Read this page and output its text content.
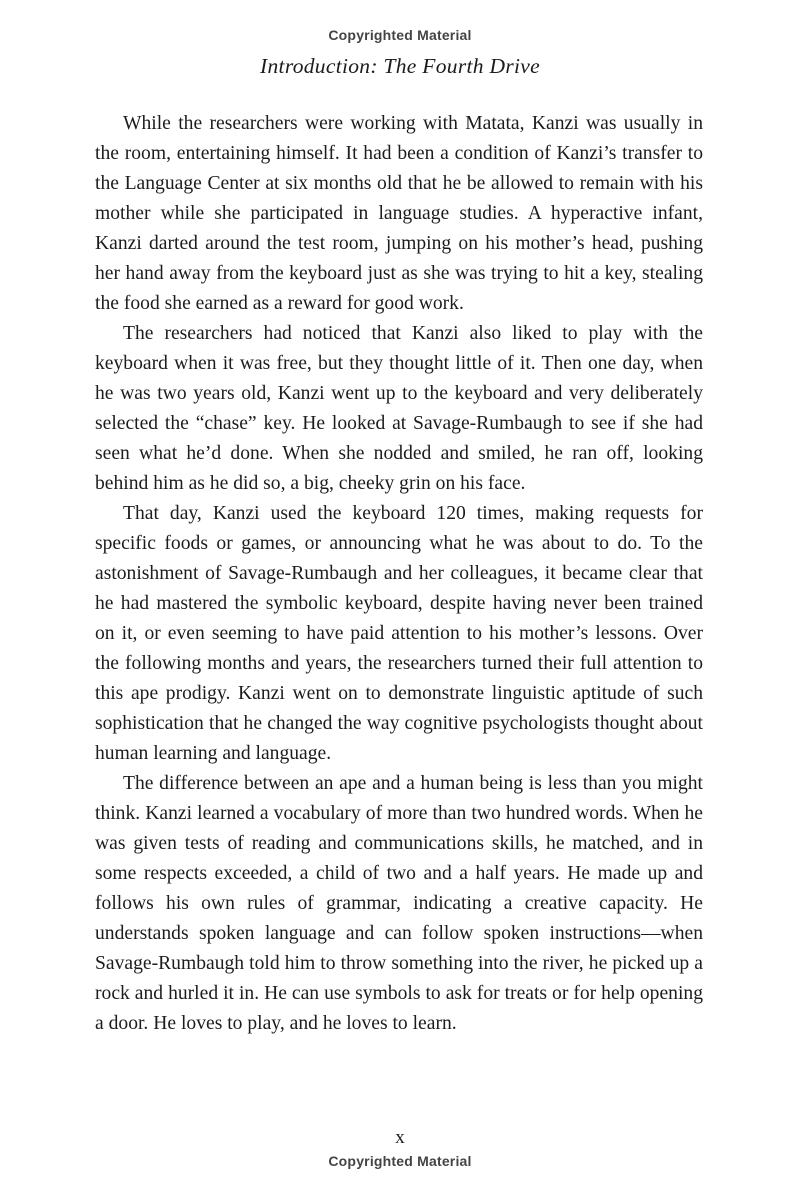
Copyrighted Material
Introduction: The Fourth Drive

While the researchers were working with Matata, Kanzi was usually in the room, entertaining himself. It had been a condition of Kanzi’s transfer to the Language Center at six months old that he be allowed to remain with his mother while she participated in language studies. A hyperactive infant, Kanzi darted around the test room, jumping on his mother’s head, pushing her hand away from the keyboard just as she was trying to hit a key, stealing the food she earned as a reward for good work.

The researchers had noticed that Kanzi also liked to play with the keyboard when it was free, but they thought little of it. Then one day, when he was two years old, Kanzi went up to the keyboard and very deliberately selected the “chase” key. He looked at Savage-Rumbaugh to see if she had seen what he’d done. When she nodded and smiled, he ran off, looking behind him as he did so, a big, cheeky grin on his face.

That day, Kanzi used the keyboard 120 times, making requests for specific foods or games, or announcing what he was about to do. To the astonishment of Savage-Rumbaugh and her colleagues, it became clear that he had mastered the symbolic keyboard, despite having never been trained on it, or even seeming to have paid attention to his mother’s lessons. Over the following months and years, the researchers turned their full attention to this ape prodigy. Kanzi went on to demonstrate linguistic aptitude of such sophistication that he changed the way cognitive psychologists thought about human learning and language.

The difference between an ape and a human being is less than you might think. Kanzi learned a vocabulary of more than two hundred words. When he was given tests of reading and communications skills, he matched, and in some respects exceeded, a child of two and a half years. He made up and follows his own rules of grammar, indicating a creative capacity. He understands spoken language and can follow spoken instructions—when Savage-Rumbaugh told him to throw something into the river, he picked up a rock and hurled it in. He can use symbols to ask for treats or for help opening a door. He loves to play, and he loves to learn.

x
Copyrighted Material
